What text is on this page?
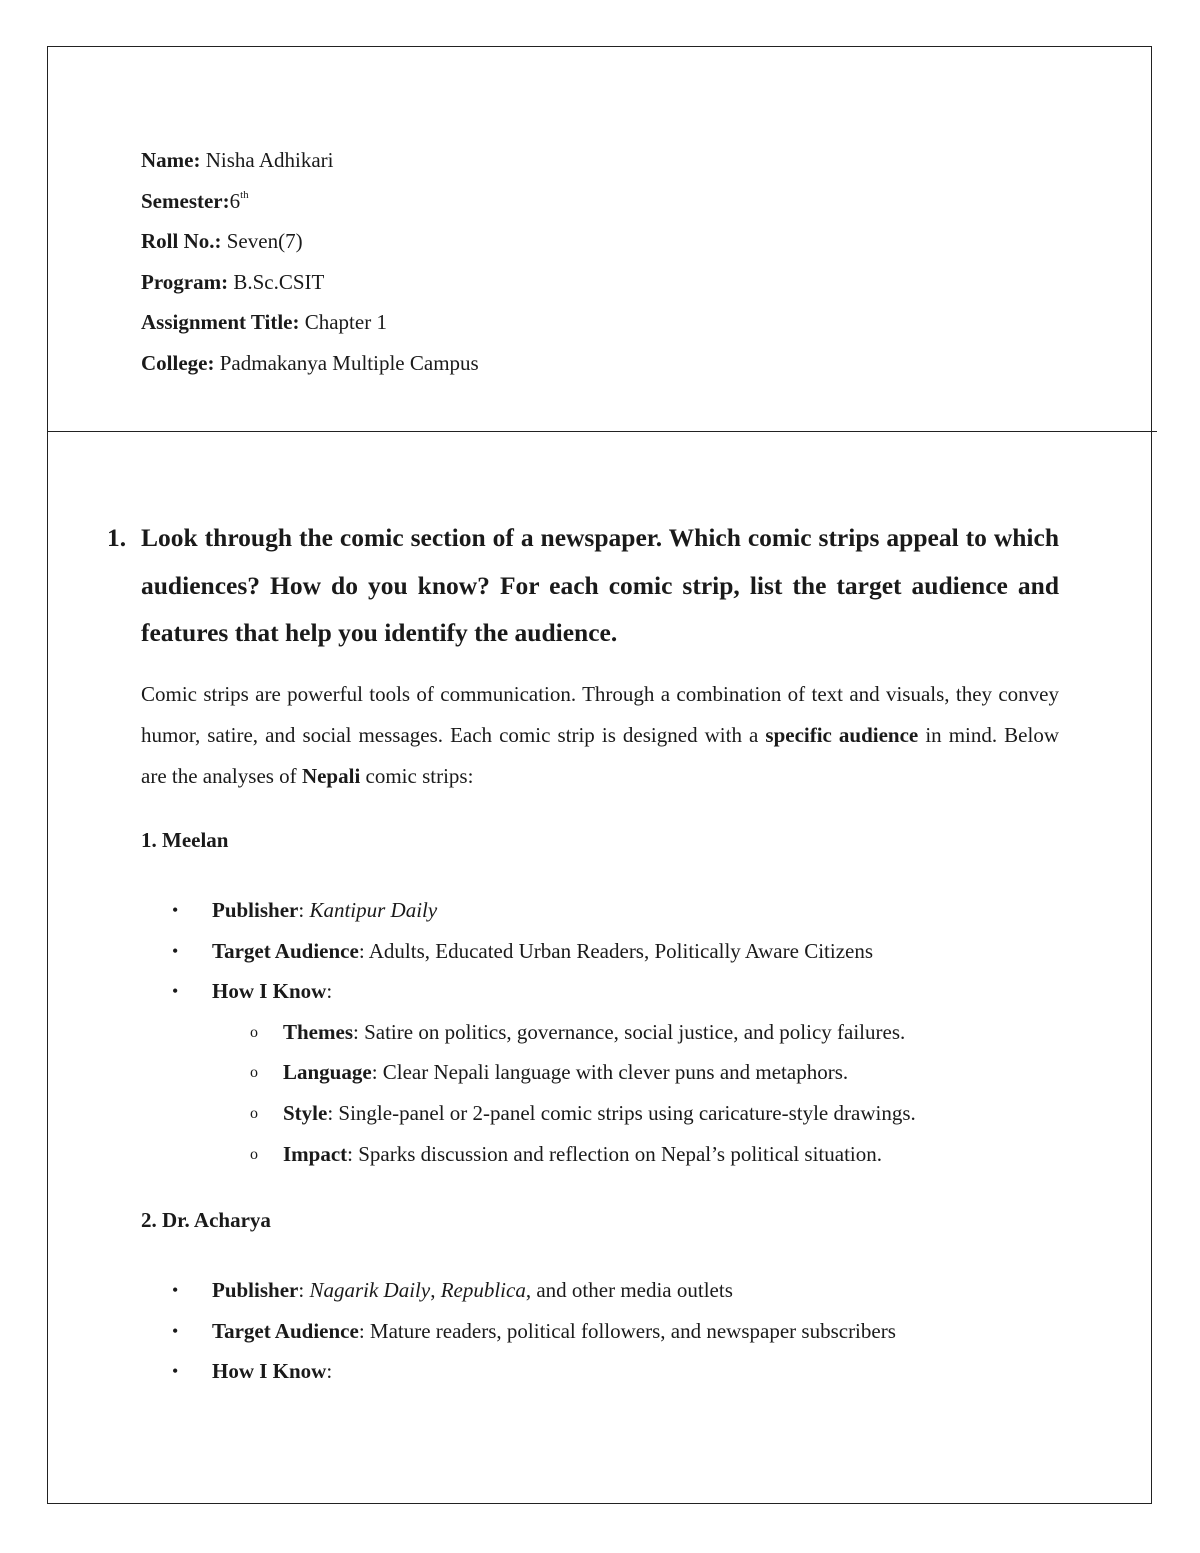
Name: Nisha Adhikari
Semester:6th
Roll No.: Seven(7)
Program: B.Sc.CSIT
Assignment Title: Chapter 1
College: Padmakanya Multiple Campus
1. Look through the comic section of a newspaper. Which comic strips appeal to which audiences? How do you know? For each comic strip, list the target audience and features that help you identify the audience.
Comic strips are powerful tools of communication. Through a combination of text and visuals, they convey humor, satire, and social messages. Each comic strip is designed with a specific audience in mind. Below are the analyses of Nepali comic strips:
1. Meelan
• Publisher: Kantipur Daily
• Target Audience: Adults, Educated Urban Readers, Politically Aware Citizens
• How I Know:
o Themes: Satire on politics, governance, social justice, and policy failures.
o Language: Clear Nepali language with clever puns and metaphors.
o Style: Single-panel or 2-panel comic strips using caricature-style drawings.
o Impact: Sparks discussion and reflection on Nepal’s political situation.
2. Dr. Acharya
• Publisher: Nagarik Daily, Republica, and other media outlets
• Target Audience: Mature readers, political followers, and newspaper subscribers
• How I Know:
